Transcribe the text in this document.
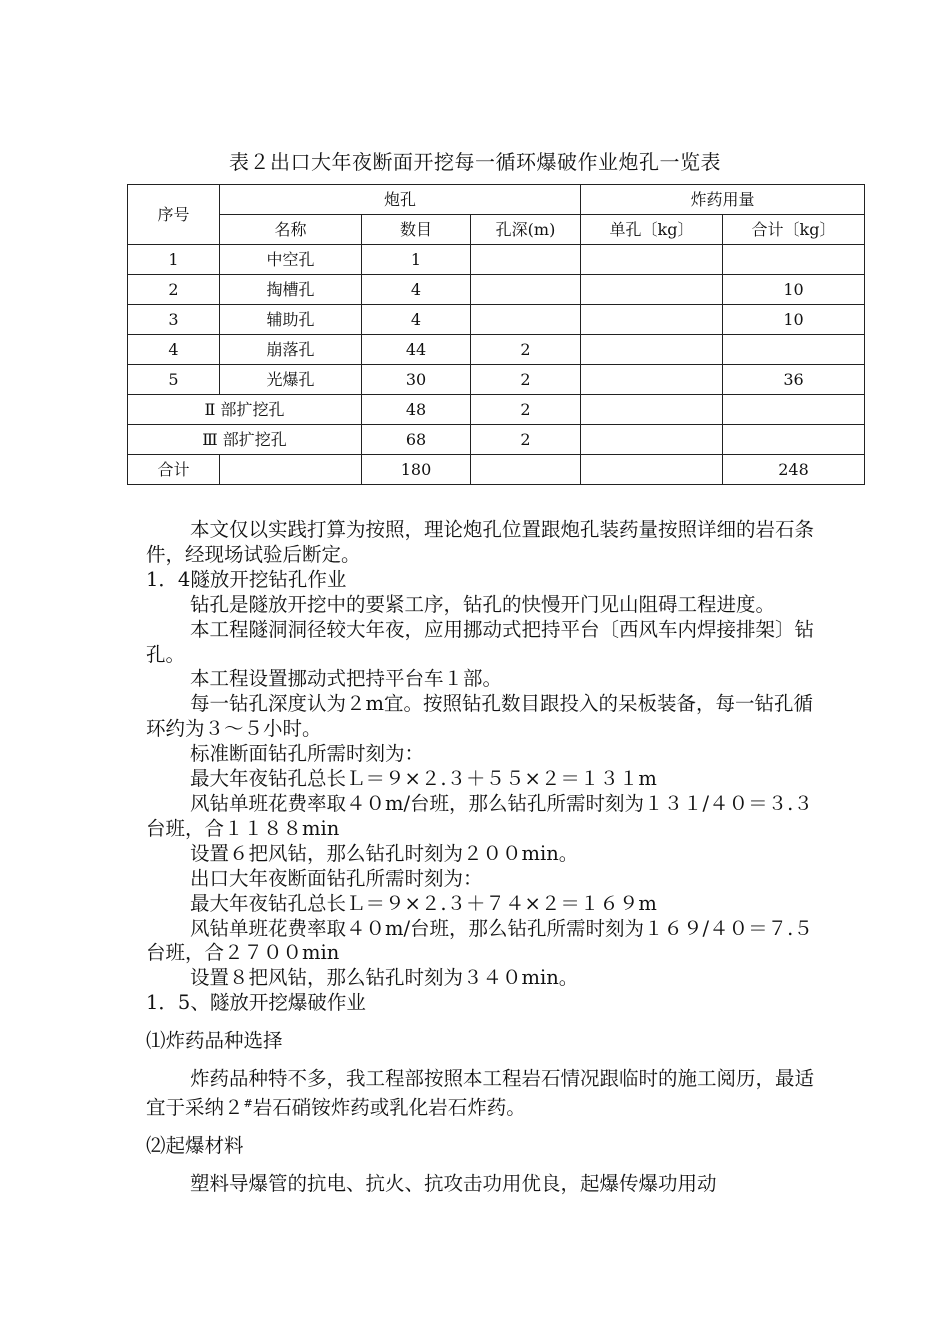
表２出口大年夜断面开挖每一循环爆破作业炮孔一览表
序号	炮孔			炸药用量	
	名称	数目	孔深(m)	单孔〔kg〕	合计〔kg〕
1	中空孔	1			
2	掏槽孔	4			10
3	辅助孔	4			10
4	崩落孔	44	2		
5	光爆孔	30	2		36
Ⅱ 部扩挖孔		48	2		
Ⅲ 部扩挖孔		68	2		
合计		180			248

本文仅以实践打算为按照，理论炮孔位置跟炮孔装药量按照详细的岩石条件，经现场试验后断定。

1．4隧放开挖钻孔作业

钻孔是隧放开挖中的要紧工序，钻孔的快慢开门见山阻碍工程进度。

本工程隧洞洞径较大年夜，应用挪动式把持平台〔西风车内焊接排架〕钻孔。

本工程设置挪动式把持平台车１部。

每一钻孔深度认为２m宜。按照钻孔数目跟投入的呆板装备，每一钻孔循环约为３～５小时。

标准断面钻孔所需时刻为：

最大年夜钻孔总长Ｌ＝９×２.３＋５５×２＝１３１m

风钻单班花费率取４０m/台班，那么钻孔所需时刻为１３１/４０＝３.３台班，合１１８８min

设置６把风钻，那么钻孔时刻为２００min。

出口大年夜断面钻孔所需时刻为：

最大年夜钻孔总长Ｌ＝９×２.３＋７４×２＝１６９m

风钻单班花费率取４０m/台班，那么钻孔所需时刻为１６９/４０＝７.５台班，合２７００min

设置８把风钻，那么钻孔时刻为３４０min。

1．5、隧放开挖爆破作业

⑴炸药品种选择

炸药品种特不多，我工程部按照本工程岩石情况跟临时的施工阅历，最适宜于采纳２#岩石硝铵炸药或乳化岩石炸药。

⑵起爆材料

塑料导爆管的抗电、抗火、抗攻击功用优良，起爆传爆功用动
